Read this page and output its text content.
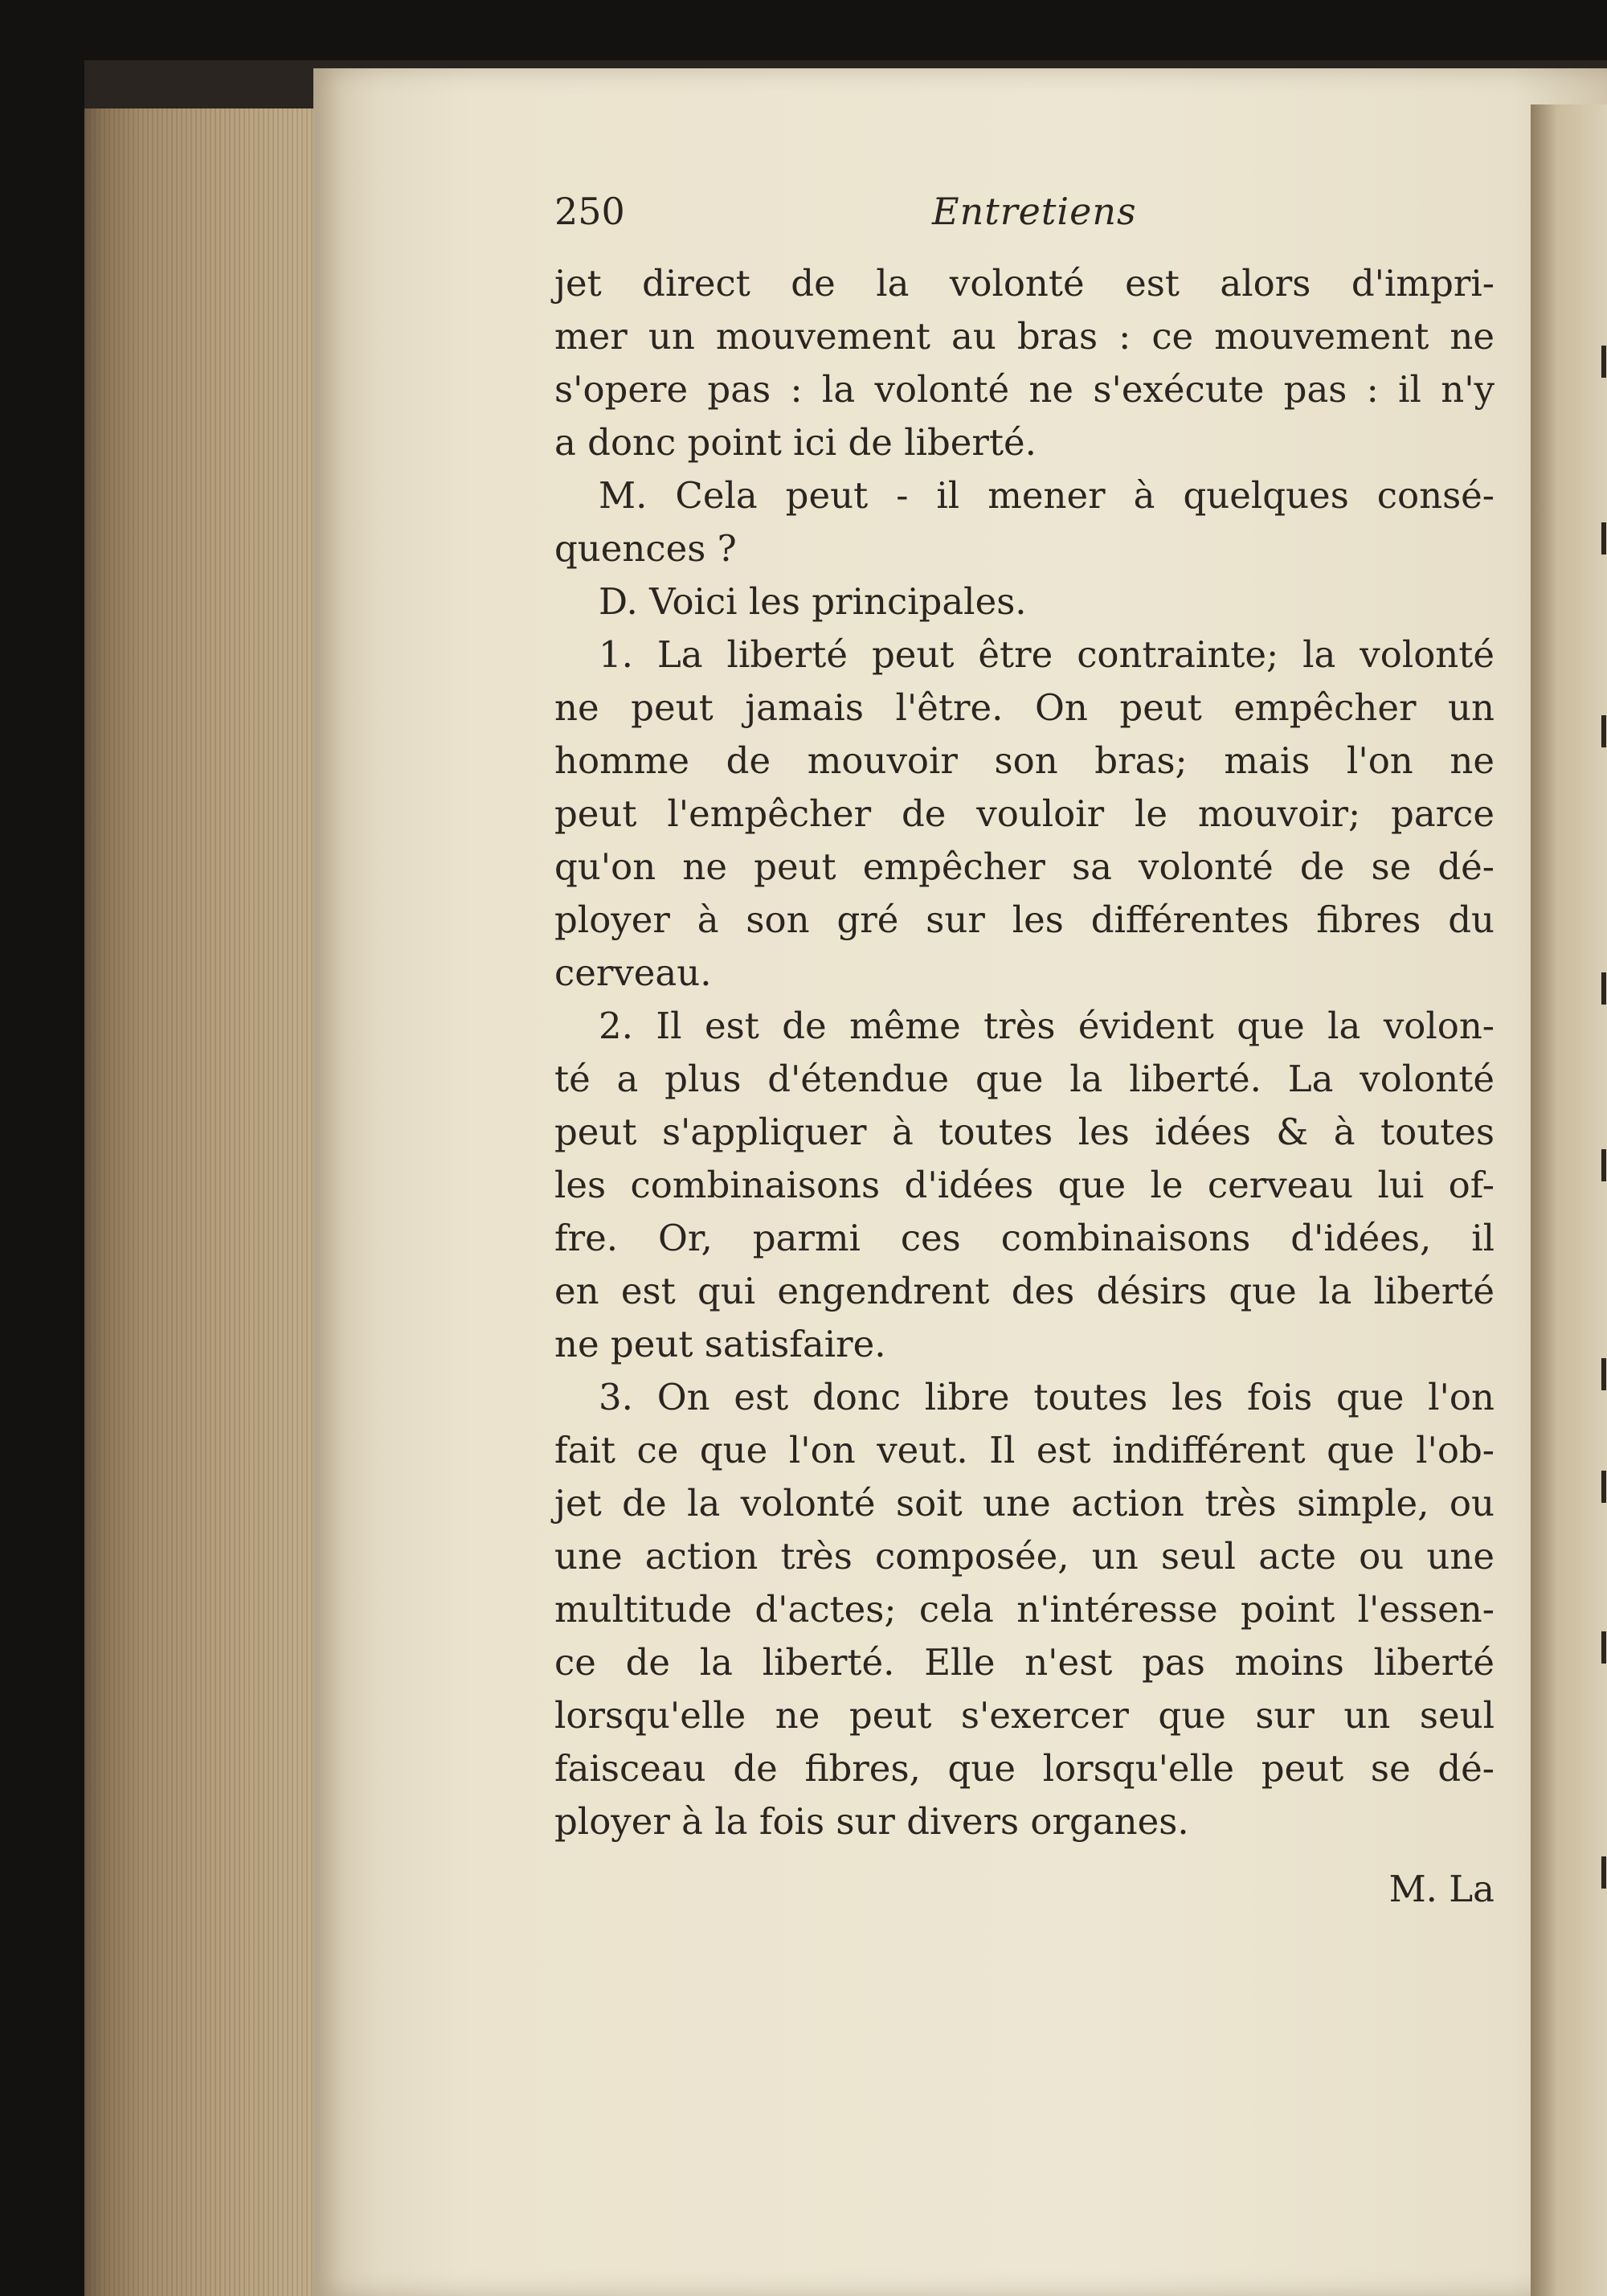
250	Entretiens
jet direct de la volonté est alors d'impri-
mer un mouvement au bras : ce mouvement ne
s'opere pas : la volonté ne s'exécute pas : il n'y
a donc point ici de liberté.
M. Cela peut - il mener à quelques consé-
quences ?
D. Voici les principales.
1. La liberté peut être contrainte; la volonté
ne peut jamais l'être. On peut empêcher un
homme de mouvoir son bras; mais l'on ne
peut l'empêcher de vouloir le mouvoir; parce
qu'on ne peut empêcher sa volonté de se dé-
ployer à son gré sur les différentes fibres du
cerveau.
2. Il est de même très évident que la volon-
té a plus d'étendue que la liberté. La volonté
peut s'appliquer à toutes les idées & à toutes
les combinaisons d'idées que le cerveau lui of-
fre. Or, parmi ces combinaisons d'idées, il
en est qui engendrent des désirs que la liberté
ne peut satisfaire.
3. On est donc libre toutes les fois que l'on
fait ce que l'on veut. Il est indifférent que l'ob-
jet de la volonté soit une action très simple, ou
une action très composée, un seul acte ou une
multitude d'actes; cela n'intéresse point l'essen-
ce de la liberté. Elle n'est pas moins liberté
lorsqu'elle ne peut s'exercer que sur un seul
faisceau de fibres, que lorsqu'elle peut se dé-
ployer à la fois sur divers organes.
M. La
